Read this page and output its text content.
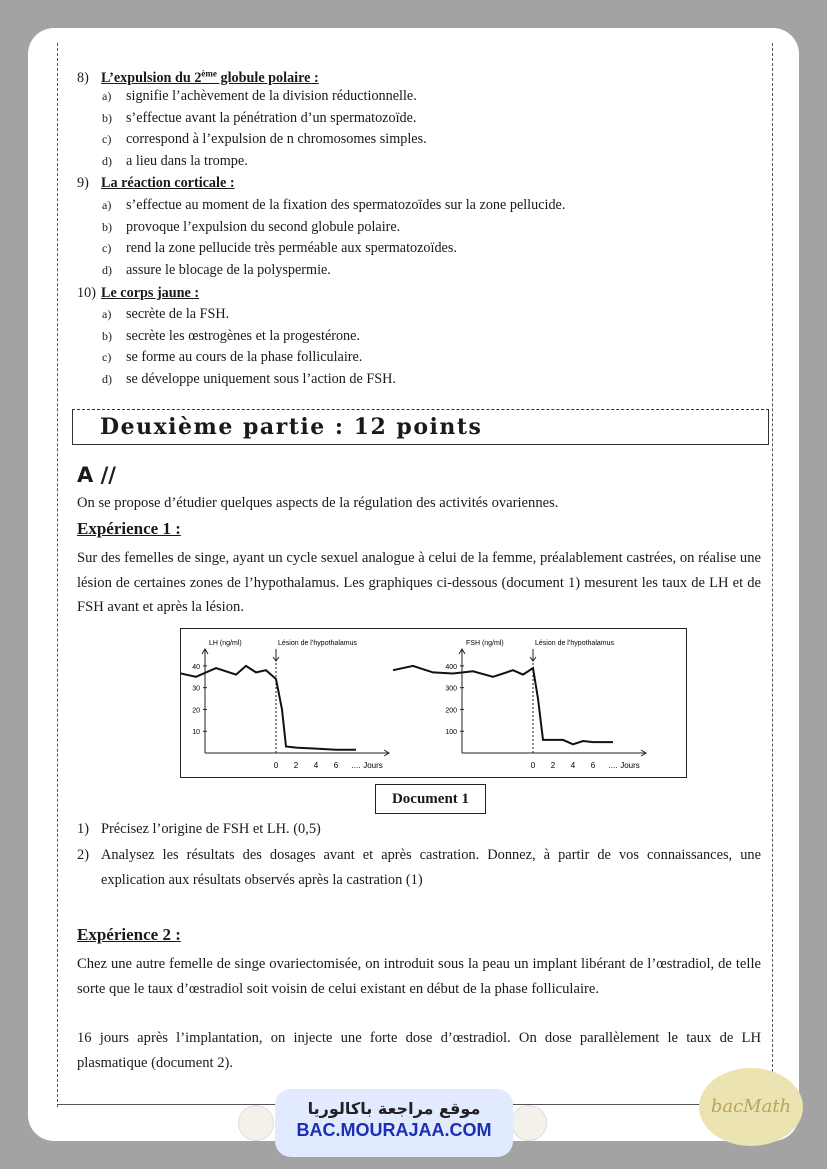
8) L’expulsion du 2ème globule polaire :
a) signifie l’achèvement de la division réductionnelle.
b) s’effectue avant la pénétration d’un spermatozoïde.
c) correspond à l’expulsion de n chromosomes simples.
d) a lieu dans la trompe.
9) La réaction corticale :
a) s’effectue au moment de la fixation des spermatozoïdes sur la zone pellucide.
b) provoque l’expulsion du second globule polaire.
c) rend la zone pellucide très perméable aux spermatozoïdes.
d) assure le blocage de la polyspermie.
10) Le corps jaune :
a) secrète de la FSH.
b) secrète les œstrogènes et la progestérone.
c) se forme au cours de la phase folliculaire.
d) se développe uniquement sous l’action de FSH.
Deuxième partie : 12 points
A //
On se propose d’étudier quelques aspects de la régulation des activités ovariennes.
Expérience 1 :
Sur des femelles de singe, ayant un cycle sexuel analogue à celui de la femme, préalablement castrées, on réalise une lésion de certaines zones de l’hypothalamus. Les graphiques ci-dessous (document 1) mesurent les taux de LH et de FSH avant et après la lésion.
40
30
20
10
0 2 4 6 .... Jours
LH (ng/ml)	Lésion de l’hypothalamus
400
300
200
100
0 2 4 6 .... Jours
FSH (ng/ml)	Lésion de l’hypothalamus
Document 1
1) Précisez l’origine de FSH et LH. (0,5)
2) Analysez les résultats des dosages avant et après castration. Donnez, à partir de vos connaissances, une explication aux résultats observés après la castration (1)
Expérience 2 :
Chez une autre femelle de singe ovariectomisée, on introduit sous la peau un implant libérant de l’œstradiol, de telle sorte que le taux d’œstradiol soit voisin de celui existant en début de la phase folliculaire.
16 jours après l’implantation, on injecte une forte dose d’œstradiol. On dose parallèlement le taux de LH plasmatique (document 2).
موقع مراجعة باكالوريا
BAC.MOURAJAA.COM
bacMath
